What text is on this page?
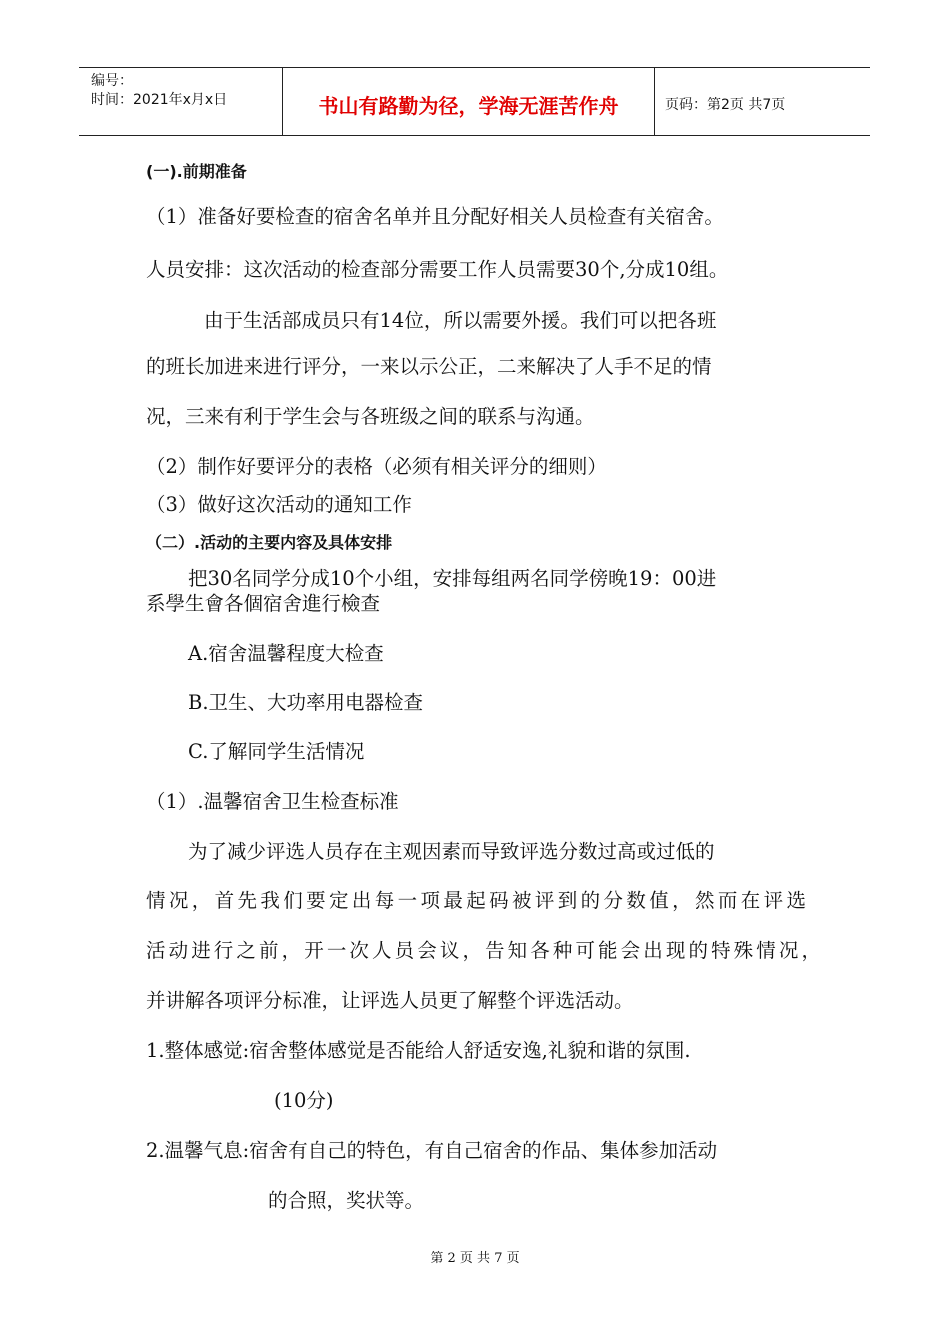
编号：
时间：2021年x月x日	书山有路勤为径，学海无涯苦作舟	页码：第2页 共7页
(一).前期准备
（1）准备好要检查的宿舍名单并且分配好相关人员检查有关宿舍。
人员安排：这次活动的检查部分需要工作人员需要30个,分成10组。
由于生活部成员只有14位，所以需要外援。我们可以把各班
的班长加进来进行评分，一来以示公正，二来解决了人手不足的情
况，三来有利于学生会与各班级之间的联系与沟通。
（2）制作好要评分的表格（必须有相关评分的细则）
（3）做好这次活动的通知工作
（二）.活动的主要内容及具体安排
把30名同学分成10个小组，安排每组两名同学傍晚19：00进
系學生會各個宿舍進行檢查
A.宿舍温馨程度大检查
B.卫生、大功率用电器检查
C.了解同学生活情况
（1）.温馨宿舍卫生检查标准
为了减少评选人员存在主观因素而导致评选分数过高或过低的
情况，首先我们要定出每一项最起码被评到的分数值，然而在评选
活动进行之前，开一次人员会议，告知各种可能会出现的特殊情况，
并讲解各项评分标准，让评选人员更了解整个评选活动。
1.整体感觉:宿舍整体感觉是否能给人舒适安逸,礼貌和谐的氛围.
(10分)
2.温馨气息:宿舍有自己的特色，有自己宿舍的作品、集体参加活动
的合照，奖状等。
第 2 页 共 7 页
